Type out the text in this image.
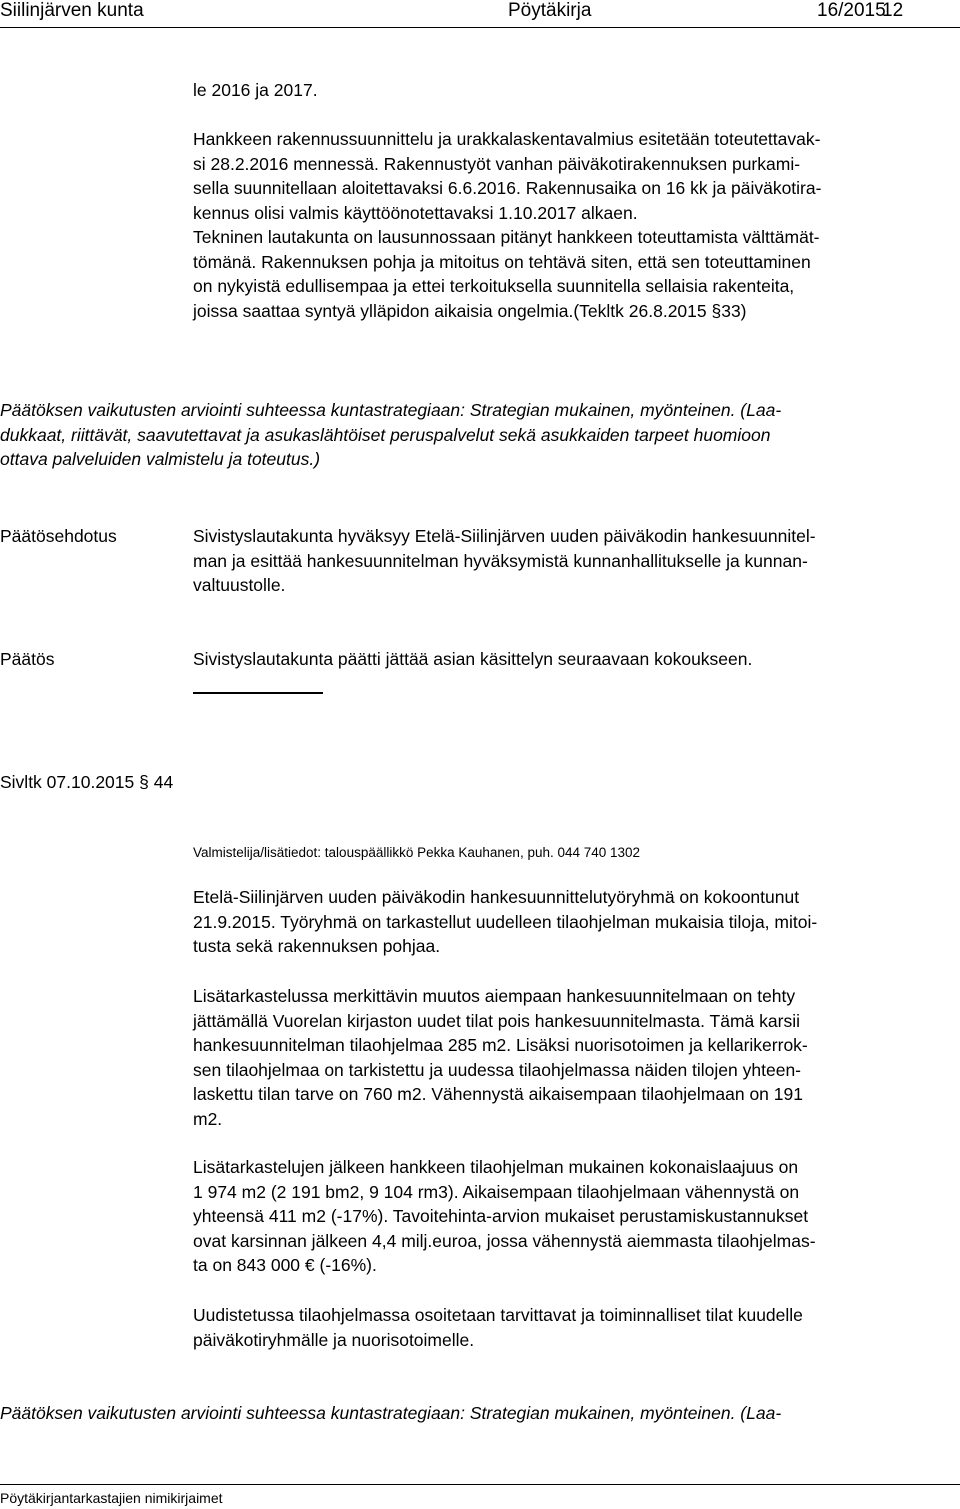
Siilinjärven kunta	Pöytäkirja	16/2015
12
le 2016 ja 2017.
Hankkeen rakennussuunnittelu ja urakkalaskentavalmius esitetään toteutettavak-
si 28.2.2016 mennessä. Rakennustyöt vanhan päiväkotirakennuksen purkami-
sella suunnitellaan aloitettavaksi 6.6.2016. Rakennusaika on 16 kk ja päiväkotira-
kennus olisi valmis käyttöönotettavaksi 1.10.2017 alkaen.
Tekninen lautakunta on lausunnossaan pitänyt hankkeen toteuttamista välttämät-
tömänä. Rakennuksen pohja ja mitoitus on tehtävä siten, että sen toteuttaminen
on nykyistä edullisempaa ja ettei terkoituksella suunnitella sellaisia rakenteita,
joissa saattaa syntyä ylläpidon aikaisia ongelmia.(Tekltk 26.8.2015 §33)
Päätöksen vaikutusten arviointi suhteessa kuntastrategiaan: Strategian mukainen, myönteinen. (Laa-
dukkaat, riittävät, saavutettavat ja asukaslähtöiset peruspalvelut sekä asukkaiden tarpeet huomioon
ottava palveluiden valmistelu ja toteutus.)
Päätösehdotus	Sivistyslautakunta hyväksyy Etelä-Siilinjärven uuden päiväkodin hankesuunnitel-
man ja esittää hankesuunnitelman hyväksymistä kunnanhallitukselle ja kunnan-
valtuustolle.
Päätös	Sivistyslautakunta päätti jättää asian käsittelyn seuraavaan kokoukseen.
Sivltk 07.10.2015 § 44
Valmistelija/lisätiedot: talouspäällikkö Pekka Kauhanen, puh. 044 740 1302
Etelä-Siilinjärven uuden päiväkodin hankesuunnittelutyöryhmä on kokoontunut
21.9.2015. Työryhmä on tarkastellut uudelleen tilaohjelman mukaisia tiloja, mitoi-
tusta sekä rakennuksen pohjaa.
Lisätarkastelussa merkittävin muutos aiempaan hankesuunnitelmaan on tehty
jättämällä Vuorelan kirjaston uudet tilat pois hankesuunnitelmasta. Tämä karsii
hankesuunnitelman tilaohjelmaa 285 m2. Lisäksi nuorisotoimen ja kellarikerrok-
sen tilaohjelmaa on tarkistettu ja uudessa tilaohjelmassa näiden tilojen yhteen-
laskettu tilan tarve on 760 m2. Vähennystä aikaisempaan tilaohjelmaan on 191
m2.
Lisätarkastelujen jälkeen hankkeen tilaohjelman mukainen kokonaislaajuus on
1 974 m2 (2 191 bm2, 9 104 rm3). Aikaisempaan tilaohjelmaan vähennystä on
yhteensä 411 m2 (-17%). Tavoitehinta-arvion mukaiset perustamiskustannukset
ovat karsinnan jälkeen 4,4 milj.euroa, jossa vähennystä aiemmasta tilaohjelmas-
ta on 843 000 € (-16%).
Uudistetussa tilaohjelmassa osoitetaan tarvittavat ja toiminnalliset tilat kuudelle
päiväkotiryhmälle ja nuorisotoimelle.
Päätöksen vaikutusten arviointi suhteessa kuntastrategiaan: Strategian mukainen, myönteinen. (Laa-
Pöytäkirjantarkastajien nimikirjaimet
